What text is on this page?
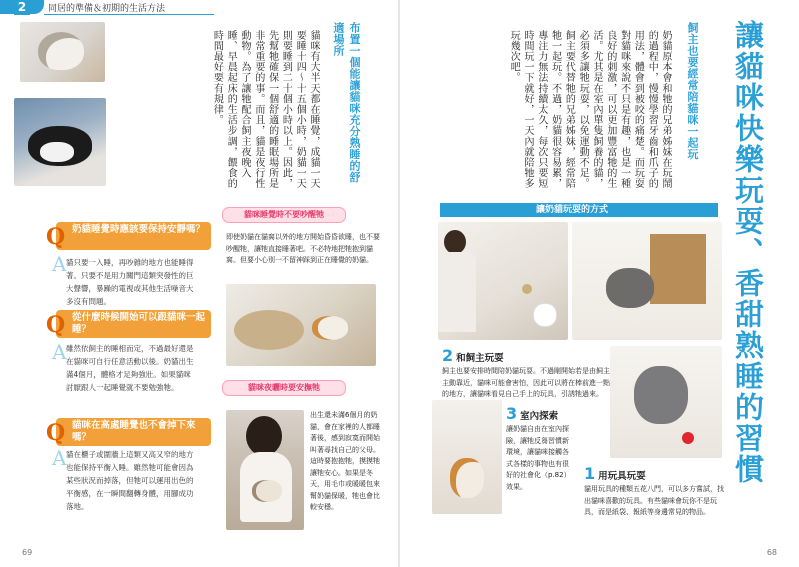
2	同居的準備＆初期的生活方法
布置一個能讓貓咪充分熟睡的舒適場所
貓咪有大半天都在睡覺，成貓一天要睡十四～十五個小時，奶貓一天則要睡到二十個小時以上。因此，先幫牠確保一個舒適的睡眠場所是非常重要的事。而且，貓是夜行性動物。為了讓牠配合飼主夜晚入睡、早晨起床的生活步調，餵食的時間最好要有規律。
Q 奶貓睡覺時應該要保持安靜嗎？
A 貓只要一入睡，再吵雜的地方也能睡得著。只要不是用力關門這類突發性的巨大聲響，暴躁的電視或其他生活噪音大多沒有問題。
Q 從什麼時候開始可以跟貓咪一起睡？
A 雖然依飼主的睡相而定，不過最好還是在貓咪可自行任意活動以後。奶貓出生滿4個月，體格才足夠強壯。如果貓咪討厭跟人一起睡覺就不要勉強牠。
Q 貓咪在高處睡覺也不會掉下來嗎？
A 貓在櫃子或圍牆上這類又高又窄的地方也能保持平衡入睡。雖然牠可能會因為某些狀況而掉落，但牠可以運用出色的平衡感，在一瞬間翻轉身體，用腳成功落地。
貓咪睡覺時不要吵醒牠
即使奶貓在貓窩以外的地方開始昏昏欲睡，也不要吵醒牠，讓牠直接睡著吧。不必特地把牠抱到貓窩。但要小心別一不留神踩到正在睡覺的奶貓。
貓咪夜曬時要安撫牠
出生還未滿6個月的奶貓，會在家裡的人都睡著後，感到寂寞而開始叫著尋找自己的父母。這時要抱抱牠，摸摸牠讓牠安心。如果是冬天，用毛巾或暖暖包來幫奶貓保暖，牠也會比較安穩。
69
讓貓咪快樂玩耍、香甜熟睡的習慣
飼主也要經常陪貓咪一起玩
奶貓原本會和牠的兄弟姊妹在玩鬧的過程中，慢慢學習牙齒和爪子的用法，體會到被咬的痛楚。而玩耍對貓咪來說不只是有趣，也是一種良好的刺激，可以更加豐富牠的生活。尤其是在室內單隻飼養的貓，必須多讓牠玩耍，以免運動不足。飼主要代替牠的兄弟姊妹，經常陪牠一起玩。不過，奶貓很容易累，專注力無法持續太久，每次只要短時間玩一下就好，一天內就陪牠多玩幾次吧。
讓奶貓玩耍的方式
2 和飼主玩耍
飼主也要安排時間陪奶貓玩耍。不過剛開始若是由飼主主動靠近，貓咪可能會害怕，因此可以將在棒前進一點的地方，讓貓咪看見自己手上的玩具，引誘牠過來。
3 室內探索
讓奶貓自由在室內探險，讓牠反芻習慣新環境，讓貓咪接觸各式各樣的事物也有很好的社會化（p.82）效果。
1 用玩具玩耍
貓用玩具的種類五花八門，可以多方嘗試，找出貓咪喜歡的玩具。有些貓咪會玩你不是玩具，而是紙袋、報紙等身邊常見的物品。
68
